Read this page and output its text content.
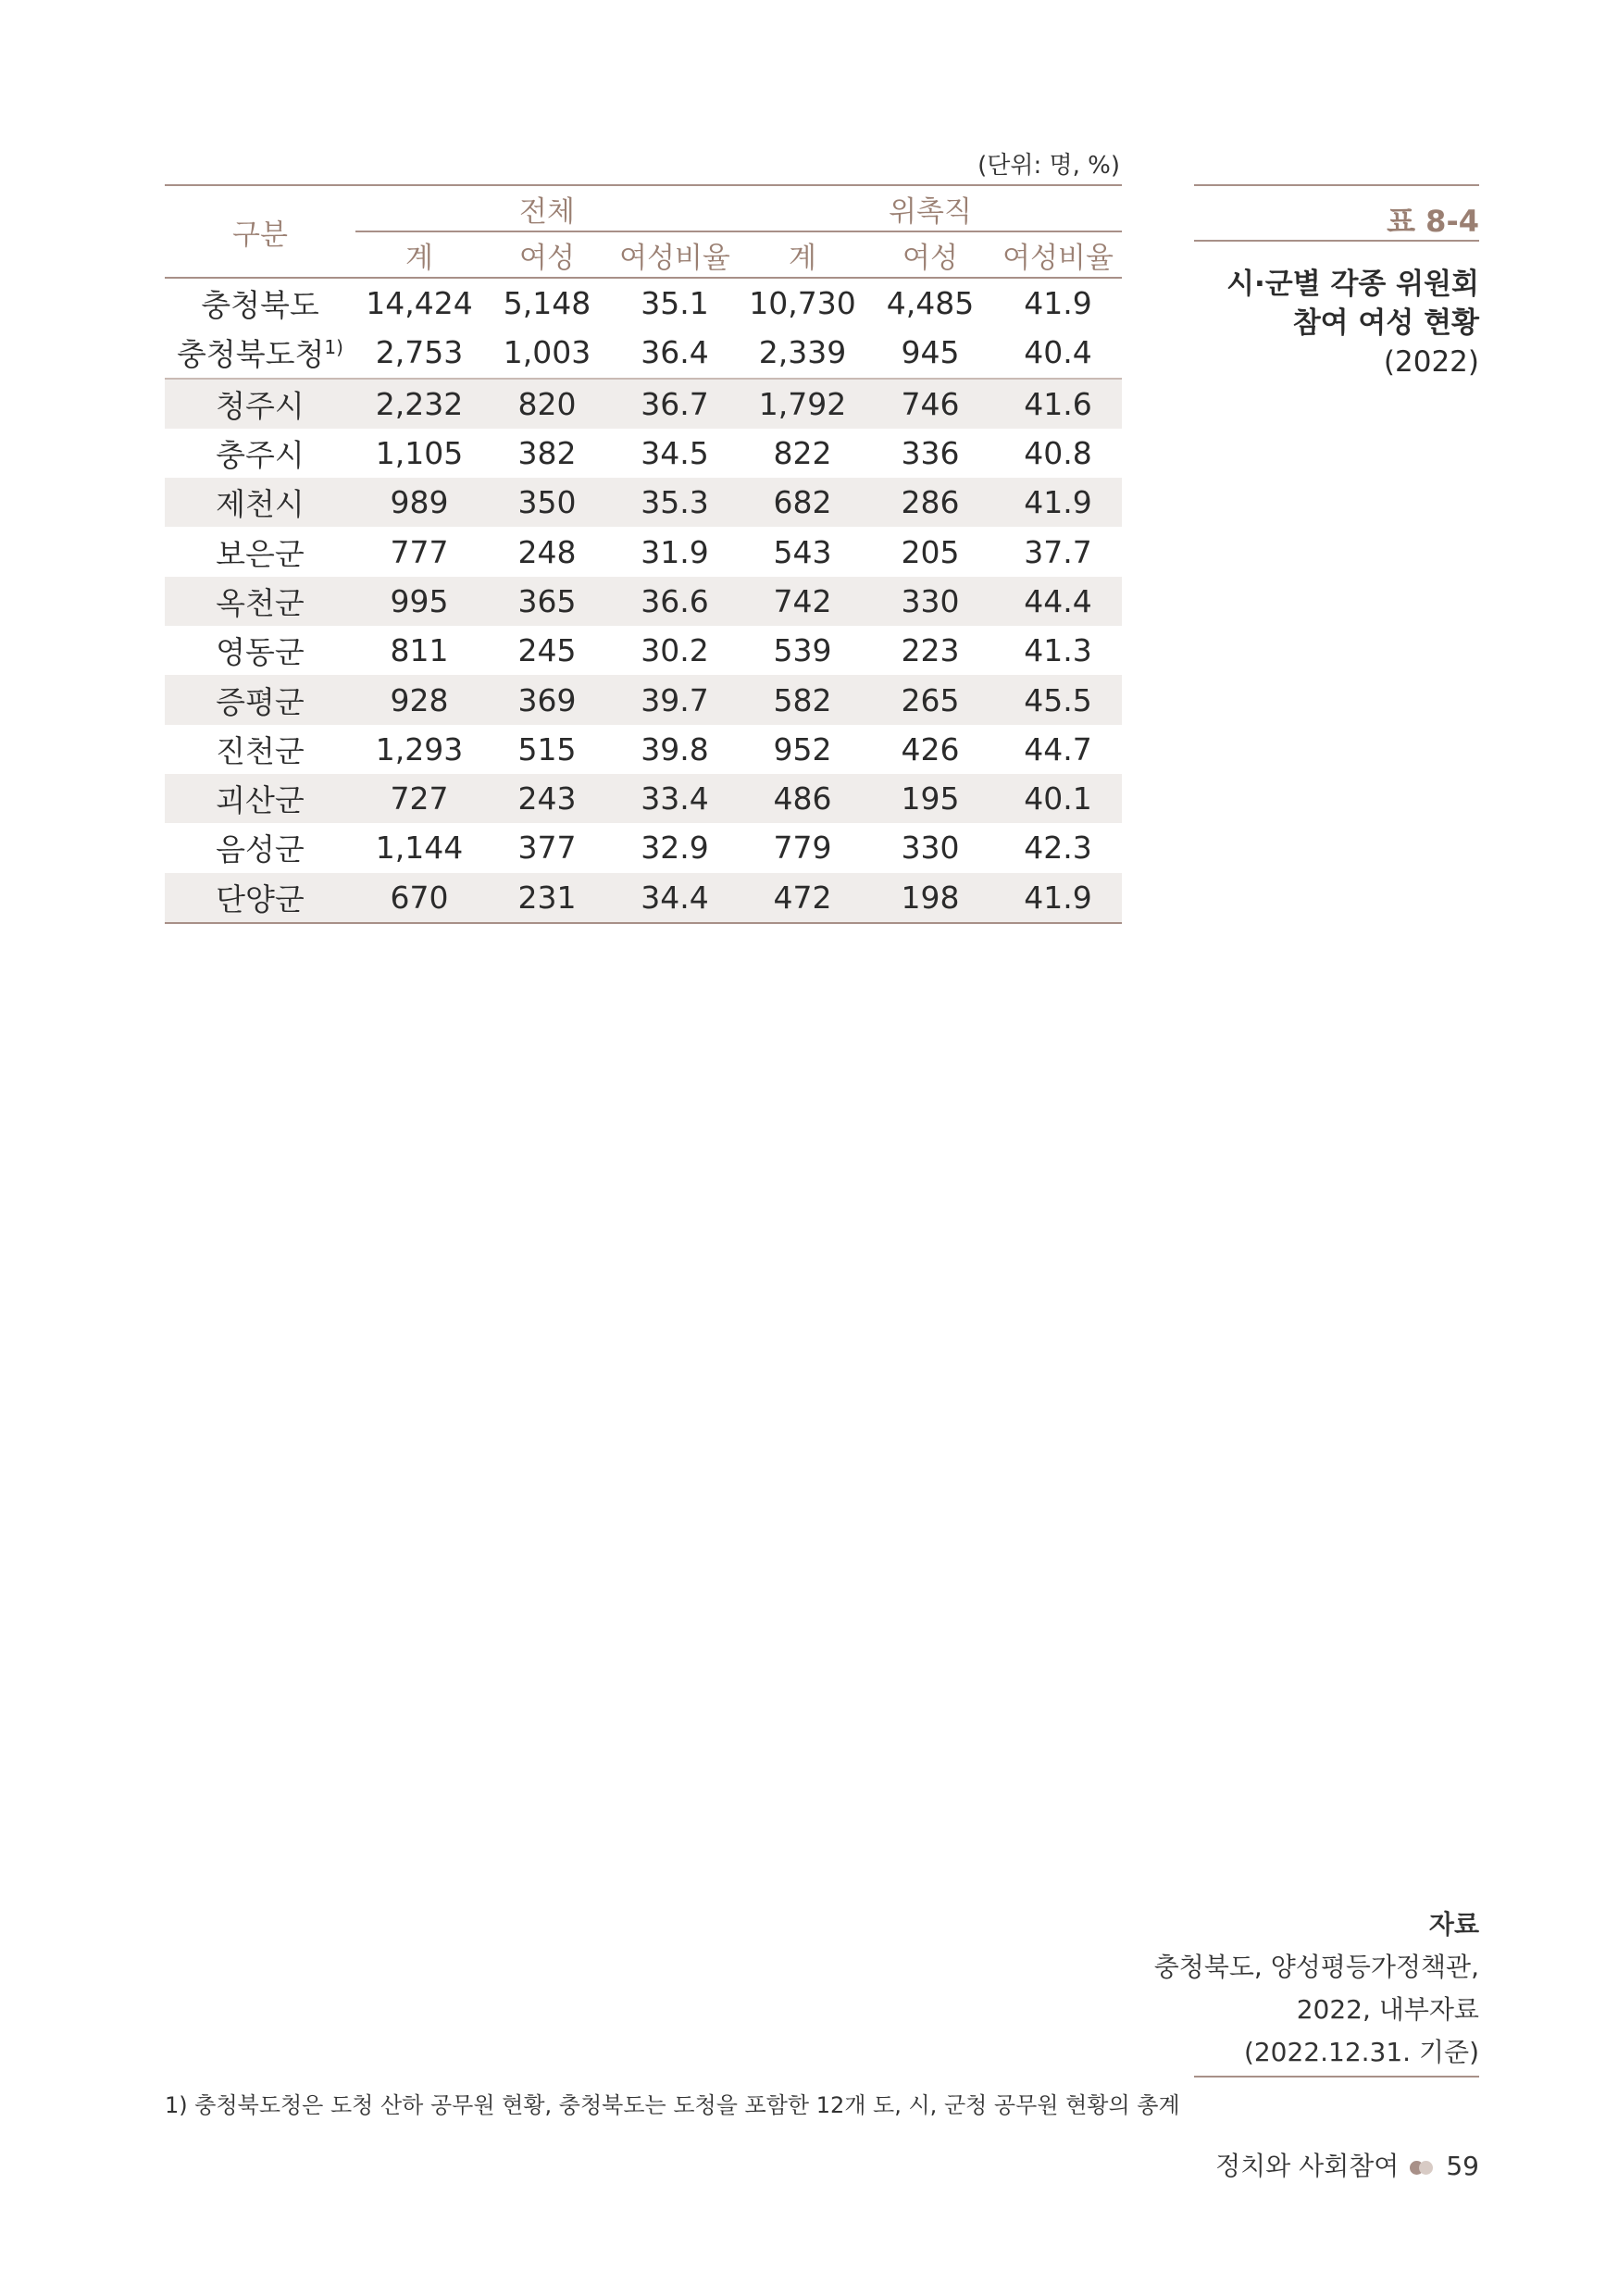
(단위: 명, %)
구분	전체			위촉직		
	계	여성	여성비율	계	여성	여성비율
충청북도	14,424	5,148	35.1	10,730	4,485	41.9
충청북도청$^{1)}$	2,753	1,003	36.4	2,339	945	40.4
청주시	2,232	820	36.7	1,792	746	41.6
충주시	1,105	382	34.5	822	336	40.8
제천시	989	350	35.3	682	286	41.9
보은군	777	248	31.9	543	205	37.7
옥천군	995	365	36.6	742	330	44.4
영동군	811	245	30.2	539	223	41.3
증평군	928	369	39.7	582	265	45.5
진천군	1,293	515	39.8	952	426	44.7
괴산군	727	243	33.4	486	195	40.1
음성군	1,144	377	32.9	779	330	42.3
단양군	670	231	34.4	472	198	41.9
표 8-4
시·군별 각종 위원회
참여 여성 현황
(2022)
자료
충청북도, 양성평등가정책관,
2022, 내부자료
(2022.12.31. 기준)
1) 충청북도청은 도청 산하 공무원 현황, 충청북도는 도청을 포함한 12개 도, 시, 군청 공무원 현황의 총계
정치와 사회참여 59
